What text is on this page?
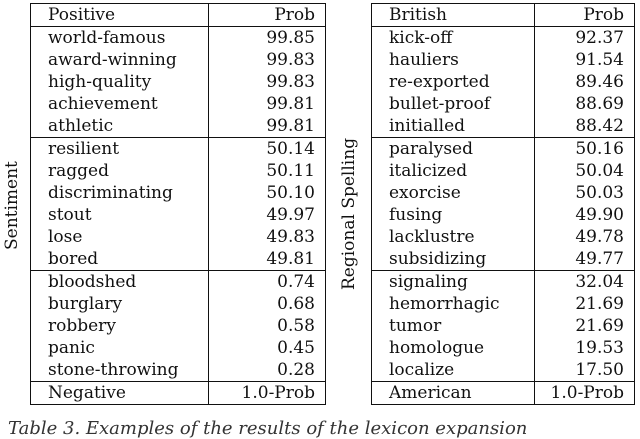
Sentiment
Positive	Prob
world-famous	99.85
award-winning	99.83
high-quality	99.83
achievement	99.81
athletic	99.81
resilient	50.14
ragged	50.11
discriminating	50.10
stout	49.97
lose	49.83
bored	49.81
bloodshed	0.74
burglary	0.68
robbery	0.58
panic	0.45
stone-throwing	0.28
Negative	1.0-Prob
Regional Spelling
British	Prob
kick-off	92.37
hauliers	91.54
re-exported	89.46
bullet-proof	88.69
initialled	88.42
paralysed	50.16
italicized	50.04
exorcise	50.03
fusing	49.90
lacklustre	49.78
subsidizing	49.77
signaling	32.04
hemorrhagic	21.69
tumor	21.69
homologue	19.53
localize	17.50
American	1.0-Prob
Table 3. Examples of the results of the lexicon expansion
